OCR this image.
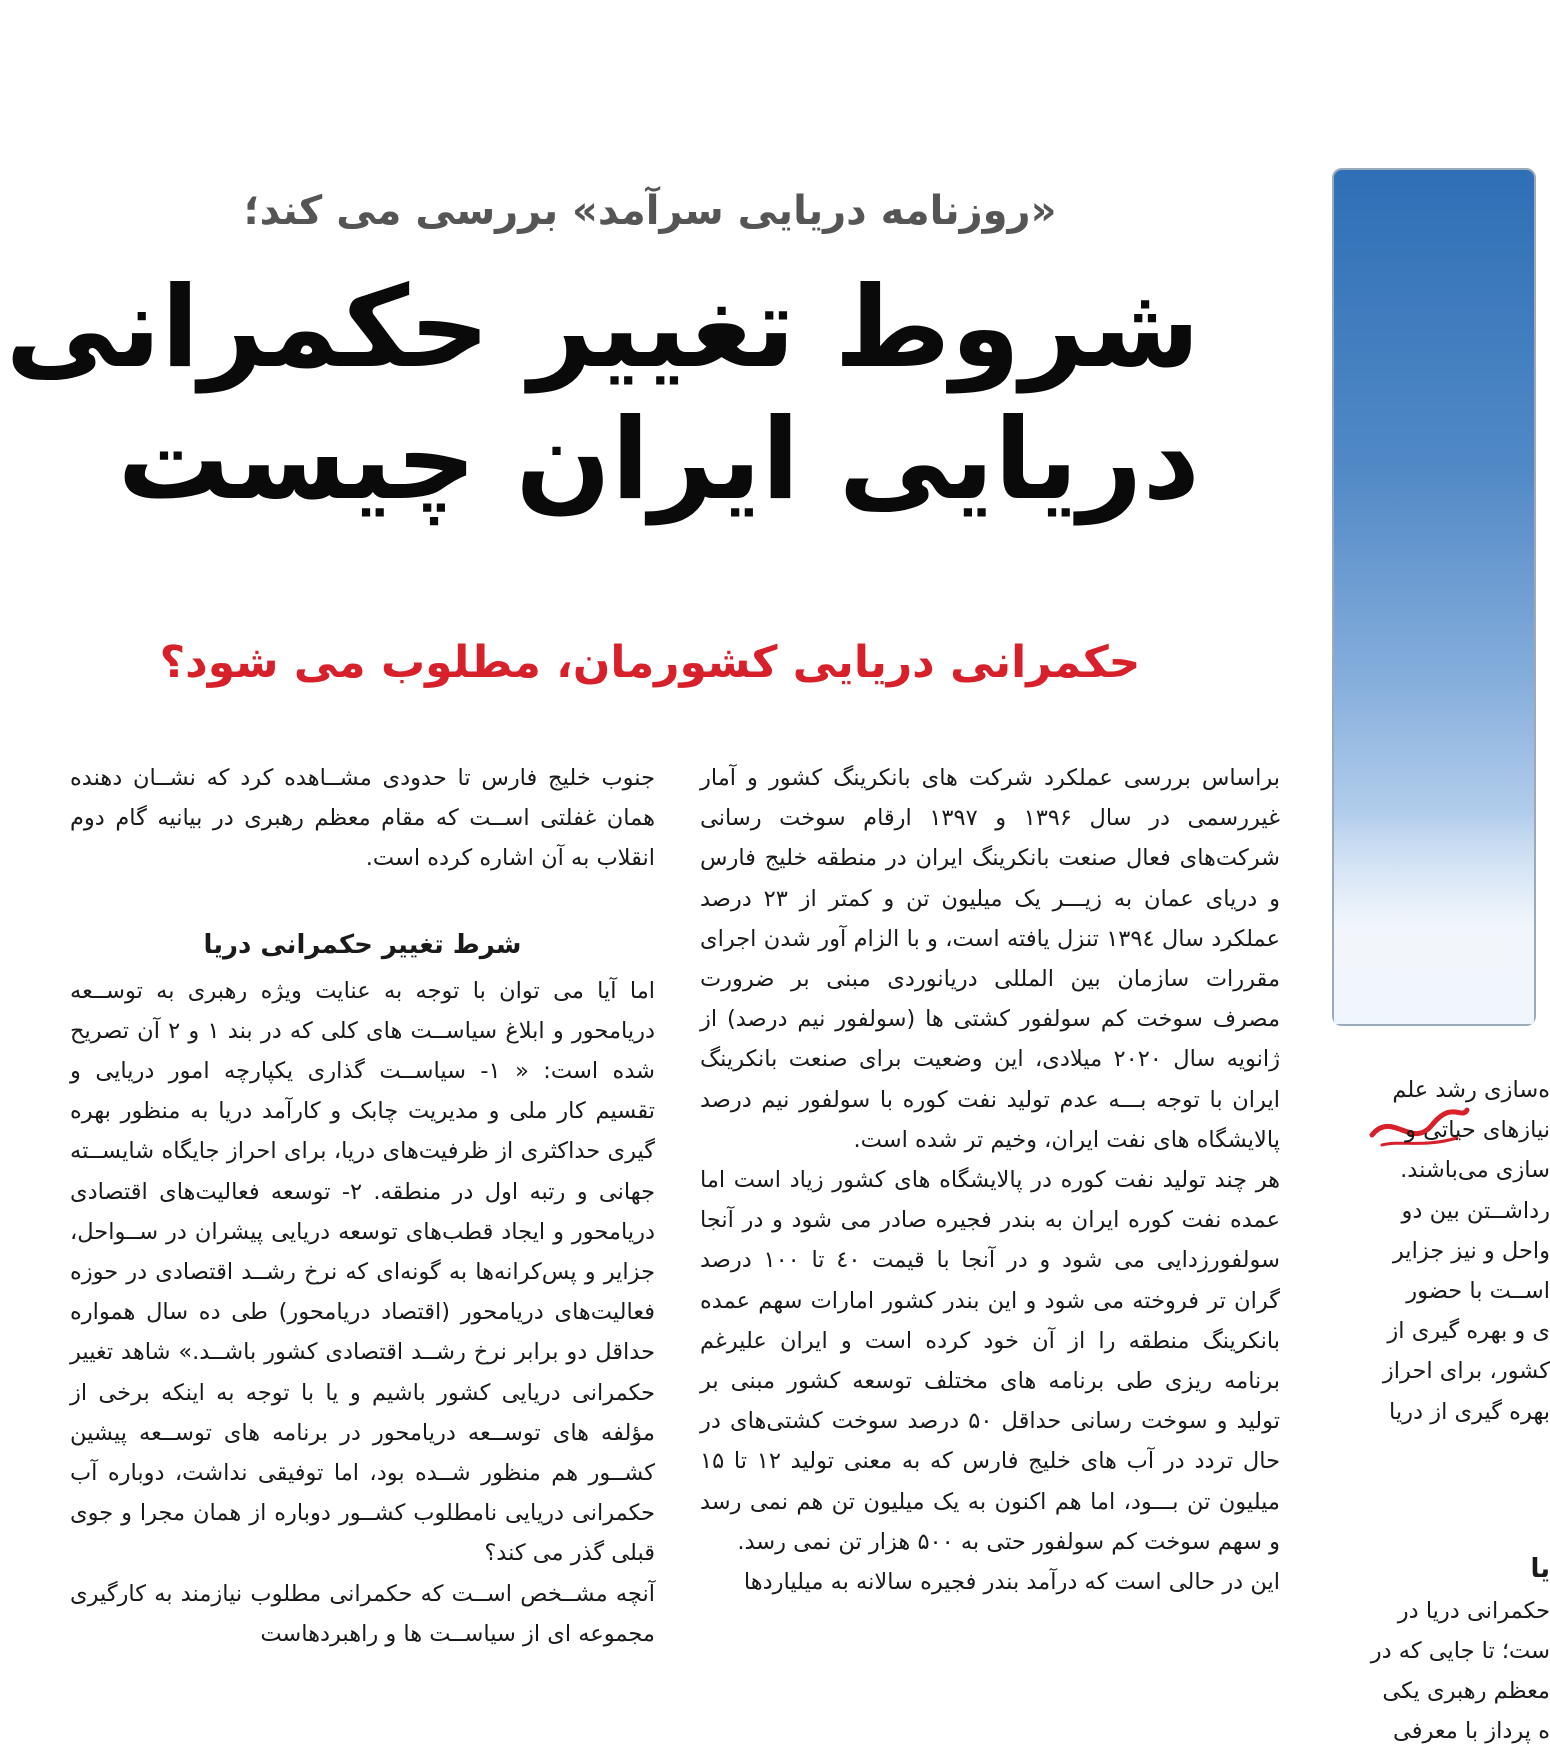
«روزنامه دریایی سرآمد» بررسی می کند؛
شروط تغییر حکمرانی
دریایی ایران چیست
حکمرانی دریایی کشورمان، مطلوب می شود؟

براساس بررسی عملکرد شرکت های بانکرینگ کشور و آمار غیررسمی در سال ۱۳۹۶ و ۱۳۹۷ ارقام سوخت رسانی شرکت‌های فعال صنعت بانکرینگ ایران در منطقه خلیج فارس و دریای عمان به زیـــر یک میلیون تن و کمتر از ۲۳ درصد عملکرد سال ۱۳۹٤ تنزل یافته است، و با الزام آور شدن اجرای مقررات سازمان بین المللی دریانوردی مبنی بر ضرورت مصرف سوخت کم سولفور کشتی ها (سولفور نیم درصد) از ژانویه سال ۲۰۲۰ میلادی، این وضعیت برای صنعت بانکرینگ ایران با توجه بـــه عدم تولید نفت کوره با سولفور نیم درصد پالایشگاه های نفت ایران، وخیم تر شده است.

هر چند تولید نفت کوره در پالایشگاه های کشور زیاد است اما عمده نفت کوره ایران به بندر فجیره صادر می شود و در آنجا سولفورزدایی می شود و در آنجا با قیمت ٤٠ تا ١٠٠ درصد گران تر فروخته می شود و این بندر کشور امارات سهم عمده بانکرینگ منطقه را از آن خود کرده است و ایران علیرغم برنامه ریزی طی برنامه های مختلف توسعه کشور مبنی بر تولید و سوخت رسانی حداقل ۵۰ درصد سوخت کشتی‌های در حال تردد در آب های خلیج فارس که به معنی تولید ۱۲ تا ۱۵ میلیون تن بـــود، اما هم اکنون به یک میلیون تن هم نمی رسد و سهم سوخت کم سولفور حتی به ۵۰۰ هزار تن نمی رسد.

این در حالی است که درآمد بندر فجیره سالانه به میلیاردها

جنوب خلیج فارس تا حدودی مشــاهده کرد که نشــان دهنده همان غفلتی اســت که مقام معظم رهبری در بیانیه گام دوم انقلاب به آن اشاره کرده است.

شرط تغییر حکمرانی دریا

اما آیا می توان با توجه به عنایت ویژه رهبری به توســعه دریامحور و ابلاغ سیاســت های کلی که در بند ۱ و ۲ آن تصریح شده است: « ۱- سیاســت گذاری یکپارچه امور دریایی و تقسیم کار ملی و مدیریت چابک و کارآمد دریا به منظور بهره گیری حداکثری از ظرفیت‌های دریا، برای احراز جایگاه شایســته جهانی و رتبه اول در منطقه. ۲- توسعه فعالیت‌های اقتصادی دریامحور و ایجاد قطب‌های توسعه دریایی پیشران در ســواحل، جزایر و پس‌کرانه‌ها به گونه‌ای که نرخ رشــد اقتصادی در حوزه فعالیت‌های دریامحور (اقتصاد دریامحور) طی ده سال همواره حداقل دو برابر نرخ رشــد اقتصادی کشور باشــد.» شاهد تغییر حکمرانی دریایی کشور باشیم و یا با توجه به اینکه برخی از مؤلفه های توســعه دریامحور در برنامه های توســعه پیشین کشــور هم منظور شــده بود، اما توفیقی نداشت، دوباره آب حکمرانی دریایی نامطلوب کشــور دوباره از همان مجرا و جوی قبلی گذر می کند؟

آنچه مشــخص اســت که حکمرانی مطلوب نیازمند به کارگیری مجموعه ای از سیاســت ها و راهبردهاست

ه‌سازی رشد علم

نیازهای حیاتی و

سازی می‌باشند.

رداشــتن بین دو

واحل و نیز جزایر

اســت با حضور

ی و بهره گیری از

کشور، برای احراز

بهره گیری از دریا

یا

حکمرانی دریا در

ست؛ تا جایی که در

معظم رهبری یکی

ه پرداز با معرفی
